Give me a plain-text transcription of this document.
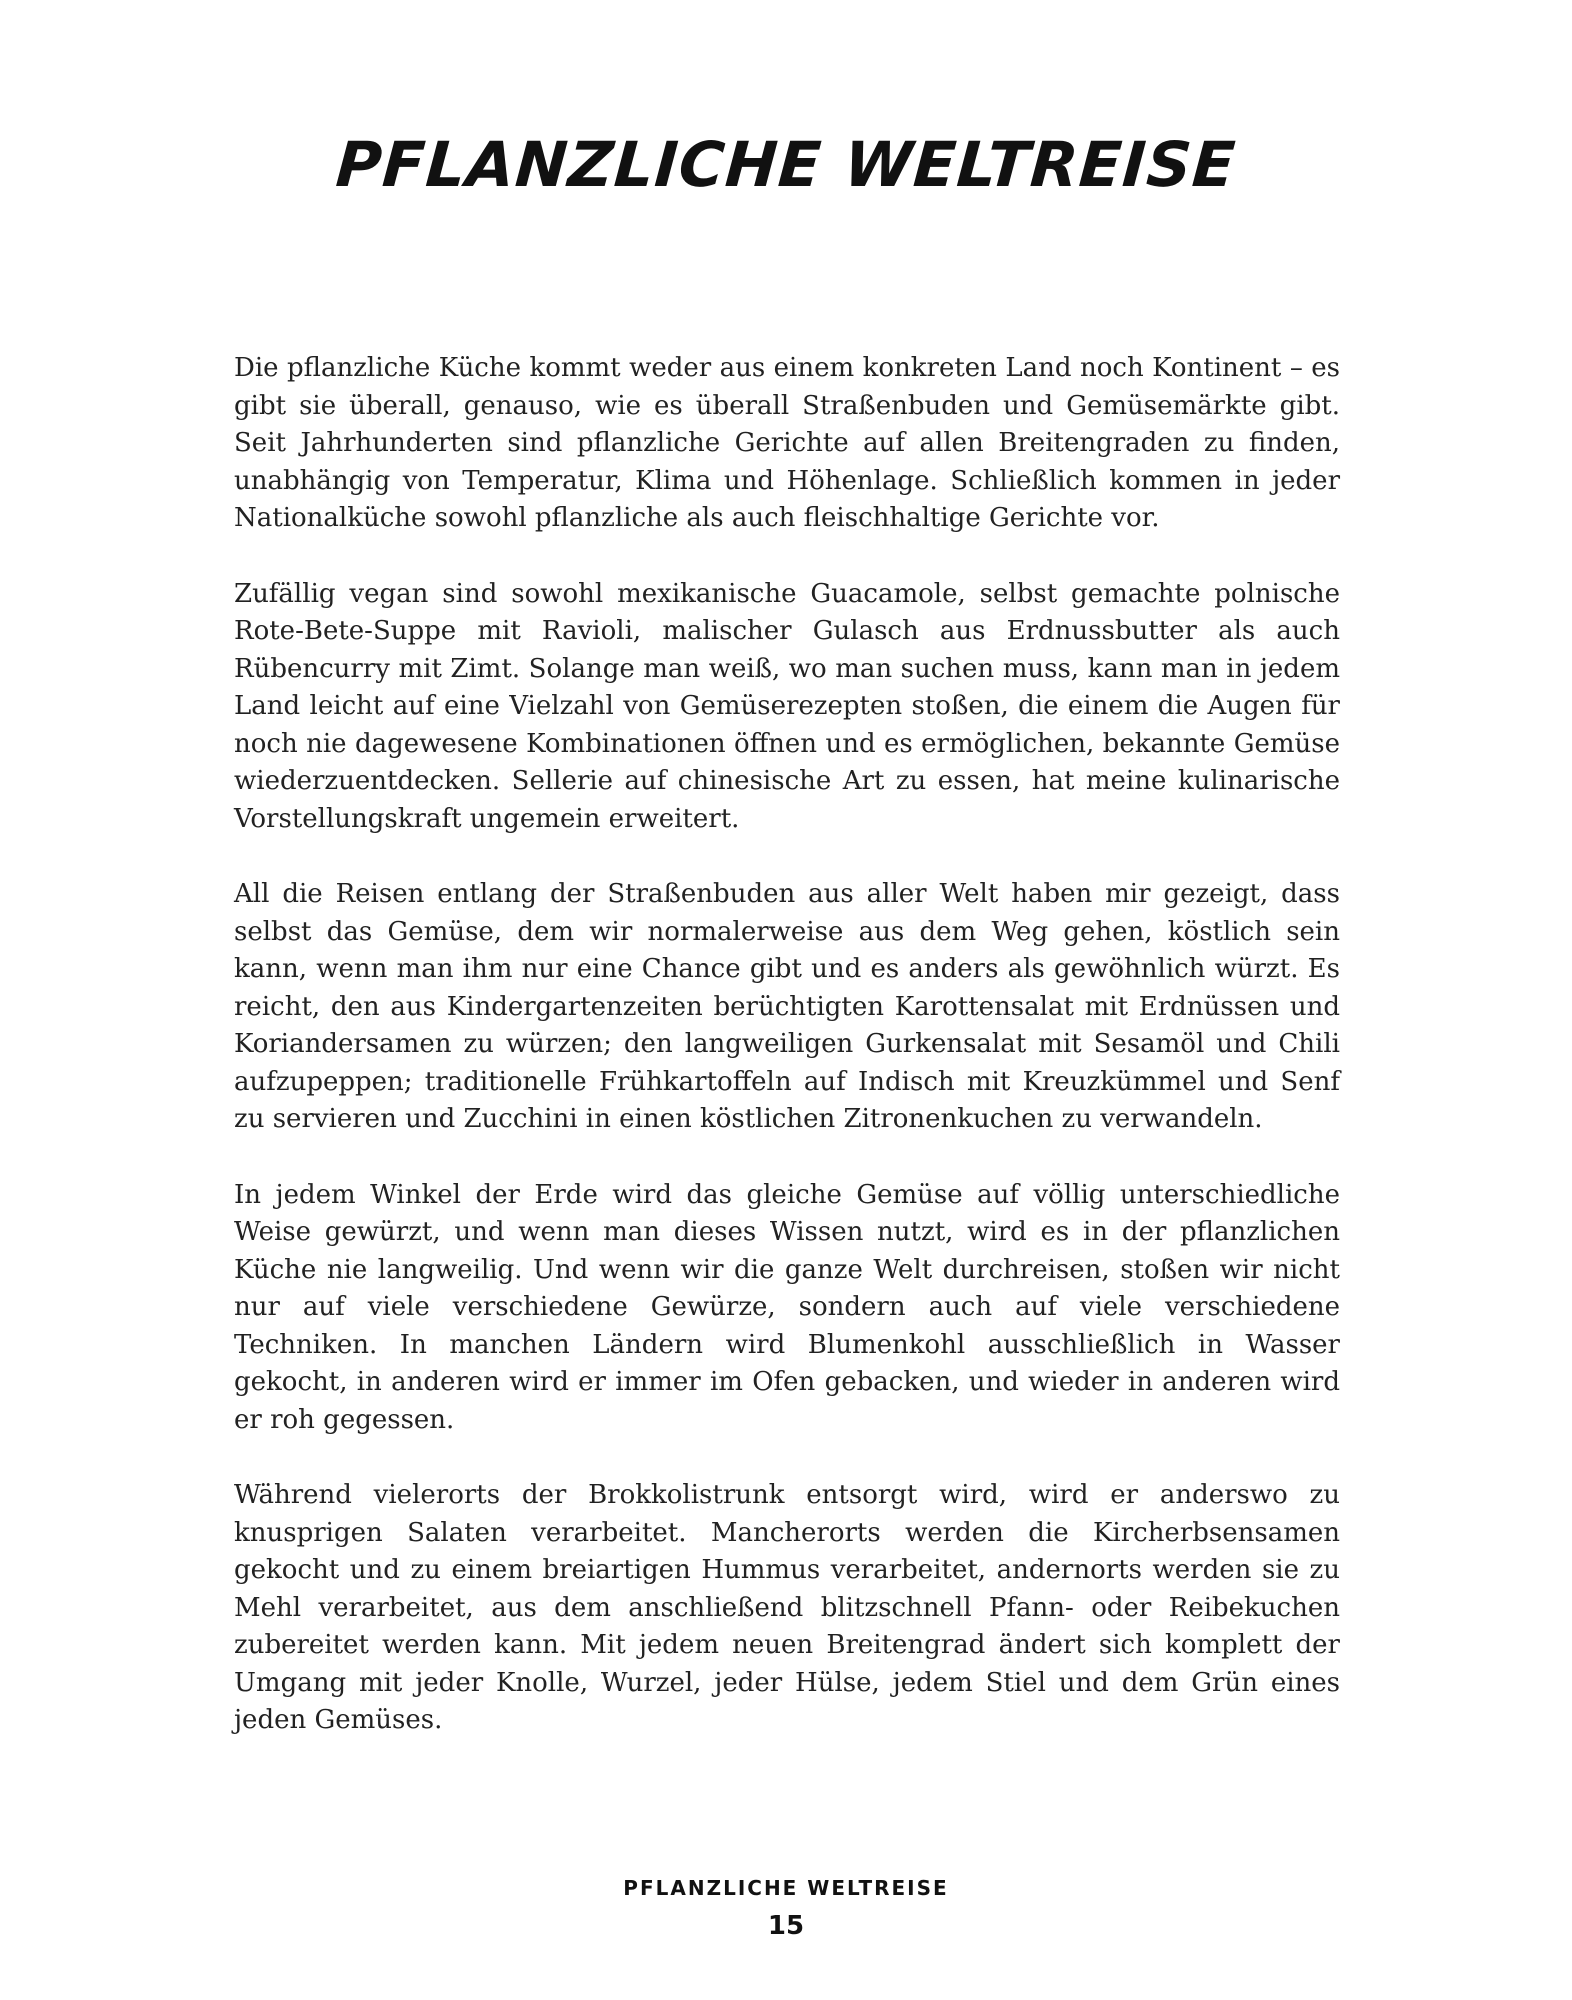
PFLANZLICHE WELTREISE

Die pflanzliche Küche kommt weder aus einem konkreten Land noch Kontinent – es gibt sie überall, genauso, wie es überall Straßenbuden und Gemüsemärkte gibt. Seit Jahrhunderten sind pflanzliche Gerichte auf allen Breitengraden zu finden, unabhängig von Temperatur, Klima und Höhenlage. Schließlich kommen in jeder Nationalküche sowohl pflanzliche als auch fleischhaltige Gerichte vor.

Zufällig vegan sind sowohl mexikanische Guacamole, selbst gemachte polnische Rote-Bete-Suppe mit Ravioli, malischer Gulasch aus Erdnussbutter als auch Rübencurry mit Zimt. Solange man weiß, wo man suchen muss, kann man in jedem Land leicht auf eine Vielzahl von Gemüserezepten stoßen, die einem die Augen für noch nie dagewesene Kombinationen öffnen und es ermöglichen, bekannte Gemüse wiederzuentdecken. Sellerie auf chinesische Art zu essen, hat meine kulinarische Vorstellungskraft ungemein erweitert.

All die Reisen entlang der Straßenbuden aus aller Welt haben mir gezeigt, dass selbst das Gemüse, dem wir normalerweise aus dem Weg gehen, köstlich sein kann, wenn man ihm nur eine Chance gibt und es anders als gewöhnlich würzt. Es reicht, den aus Kindergartenzeiten berüchtigten Karottensalat mit Erdnüssen und Koriandersamen zu würzen; den langweiligen Gurkensalat mit Sesamöl und Chili aufzupeppen; traditionelle Frühkartoffeln auf Indisch mit Kreuzkümmel und Senf zu servieren und Zucchini in einen köstlichen Zitronenkuchen zu verwandeln.

In jedem Winkel der Erde wird das gleiche Gemüse auf völlig unterschiedliche Weise gewürzt, und wenn man dieses Wissen nutzt, wird es in der pflanzlichen Küche nie langweilig. Und wenn wir die ganze Welt durchreisen, stoßen wir nicht nur auf viele verschiedene Gewürze, sondern auch auf viele verschiedene Techniken. In manchen Ländern wird Blumenkohl ausschließlich in Wasser gekocht, in anderen wird er immer im Ofen gebacken, und wieder in anderen wird er roh gegessen.

Während vielerorts der Brokkolistrunk entsorgt wird, wird er anderswo zu knusprigen Salaten verarbeitet. Mancherorts werden die Kircherbsensamen gekocht und zu einem breiartigen Hummus verarbeitet, andernorts werden sie zu Mehl verarbeitet, aus dem anschließend blitzschnell Pfann- oder Reibekuchen zubereitet werden kann. Mit jedem neuen Breitengrad ändert sich komplett der Umgang mit jeder Knolle, Wurzel, jeder Hülse, jedem Stiel und dem Grün eines jeden Gemüses.

PFLANZLICHE WELTREISE
15
